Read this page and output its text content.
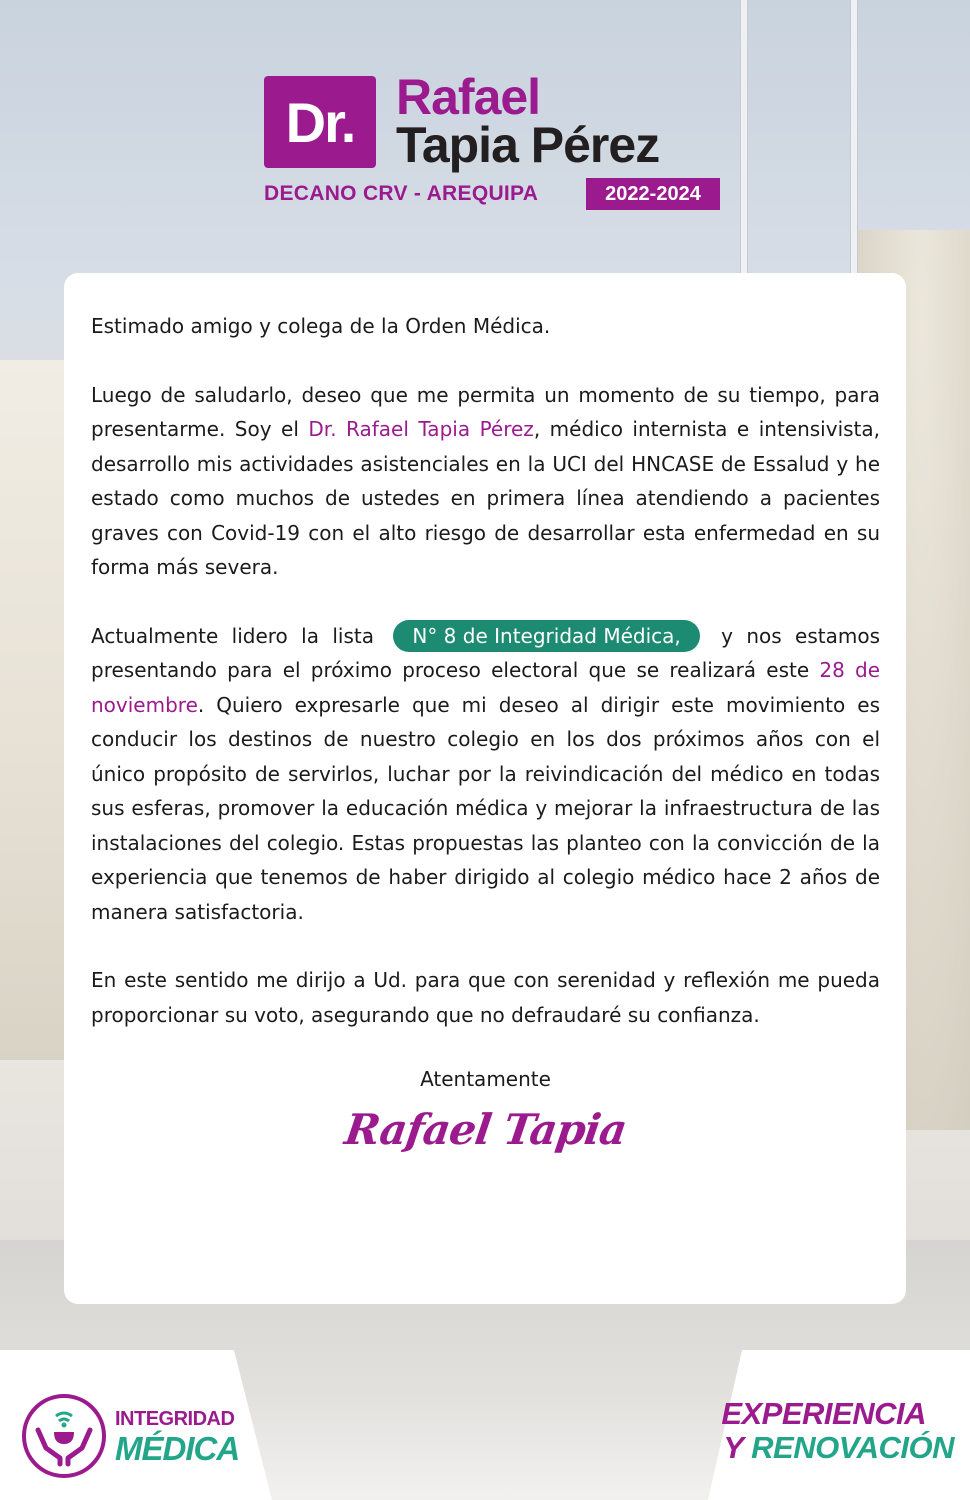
Dr. Rafael
Tapia Pérez
DECANO CRV - AREQUIPA	2022-2024

Estimado amigo y colega de la Orden Médica.

Luego de saludarlo, deseo que me permita un momento de su tiempo, para presentarme. Soy el Dr. Rafael Tapia Pérez, médico internista e intensivista, desarrollo mis actividades asistenciales en la UCI del HNCASE de Essalud y he estado como muchos de ustedes en primera línea atendiendo a pacientes graves con Covid-19 con el alto riesgo de desarrollar esta enfermedad en su forma más severa.

Actualmente lidero la lista N° 8 de Integridad Médica, y nos estamos presentando para el próximo proceso electoral que se realizará este 28 de noviembre. Quiero expresarle que mi deseo al dirigir este movimiento es conducir los destinos de nuestro colegio en los dos próximos años con el único propósito de servirlos, luchar por la reivindicación del médico en todas sus esferas, promover la educación médica y mejorar la infraestructura de las instalaciones del colegio. Estas propuestas las planteo con la convicción de la experiencia que tenemos de haber dirigido al colegio médico hace 2 años de manera satisfactoria.

En este sentido me dirijo a Ud. para que con serenidad y reflexión me pueda proporcionar su voto, asegurando que no defraudaré su confianza.

Atentamente
Rafael Tapia
INTEGRIDAD
MÉDICA
EXPERIENCIA
Y RENOVACIÓN
